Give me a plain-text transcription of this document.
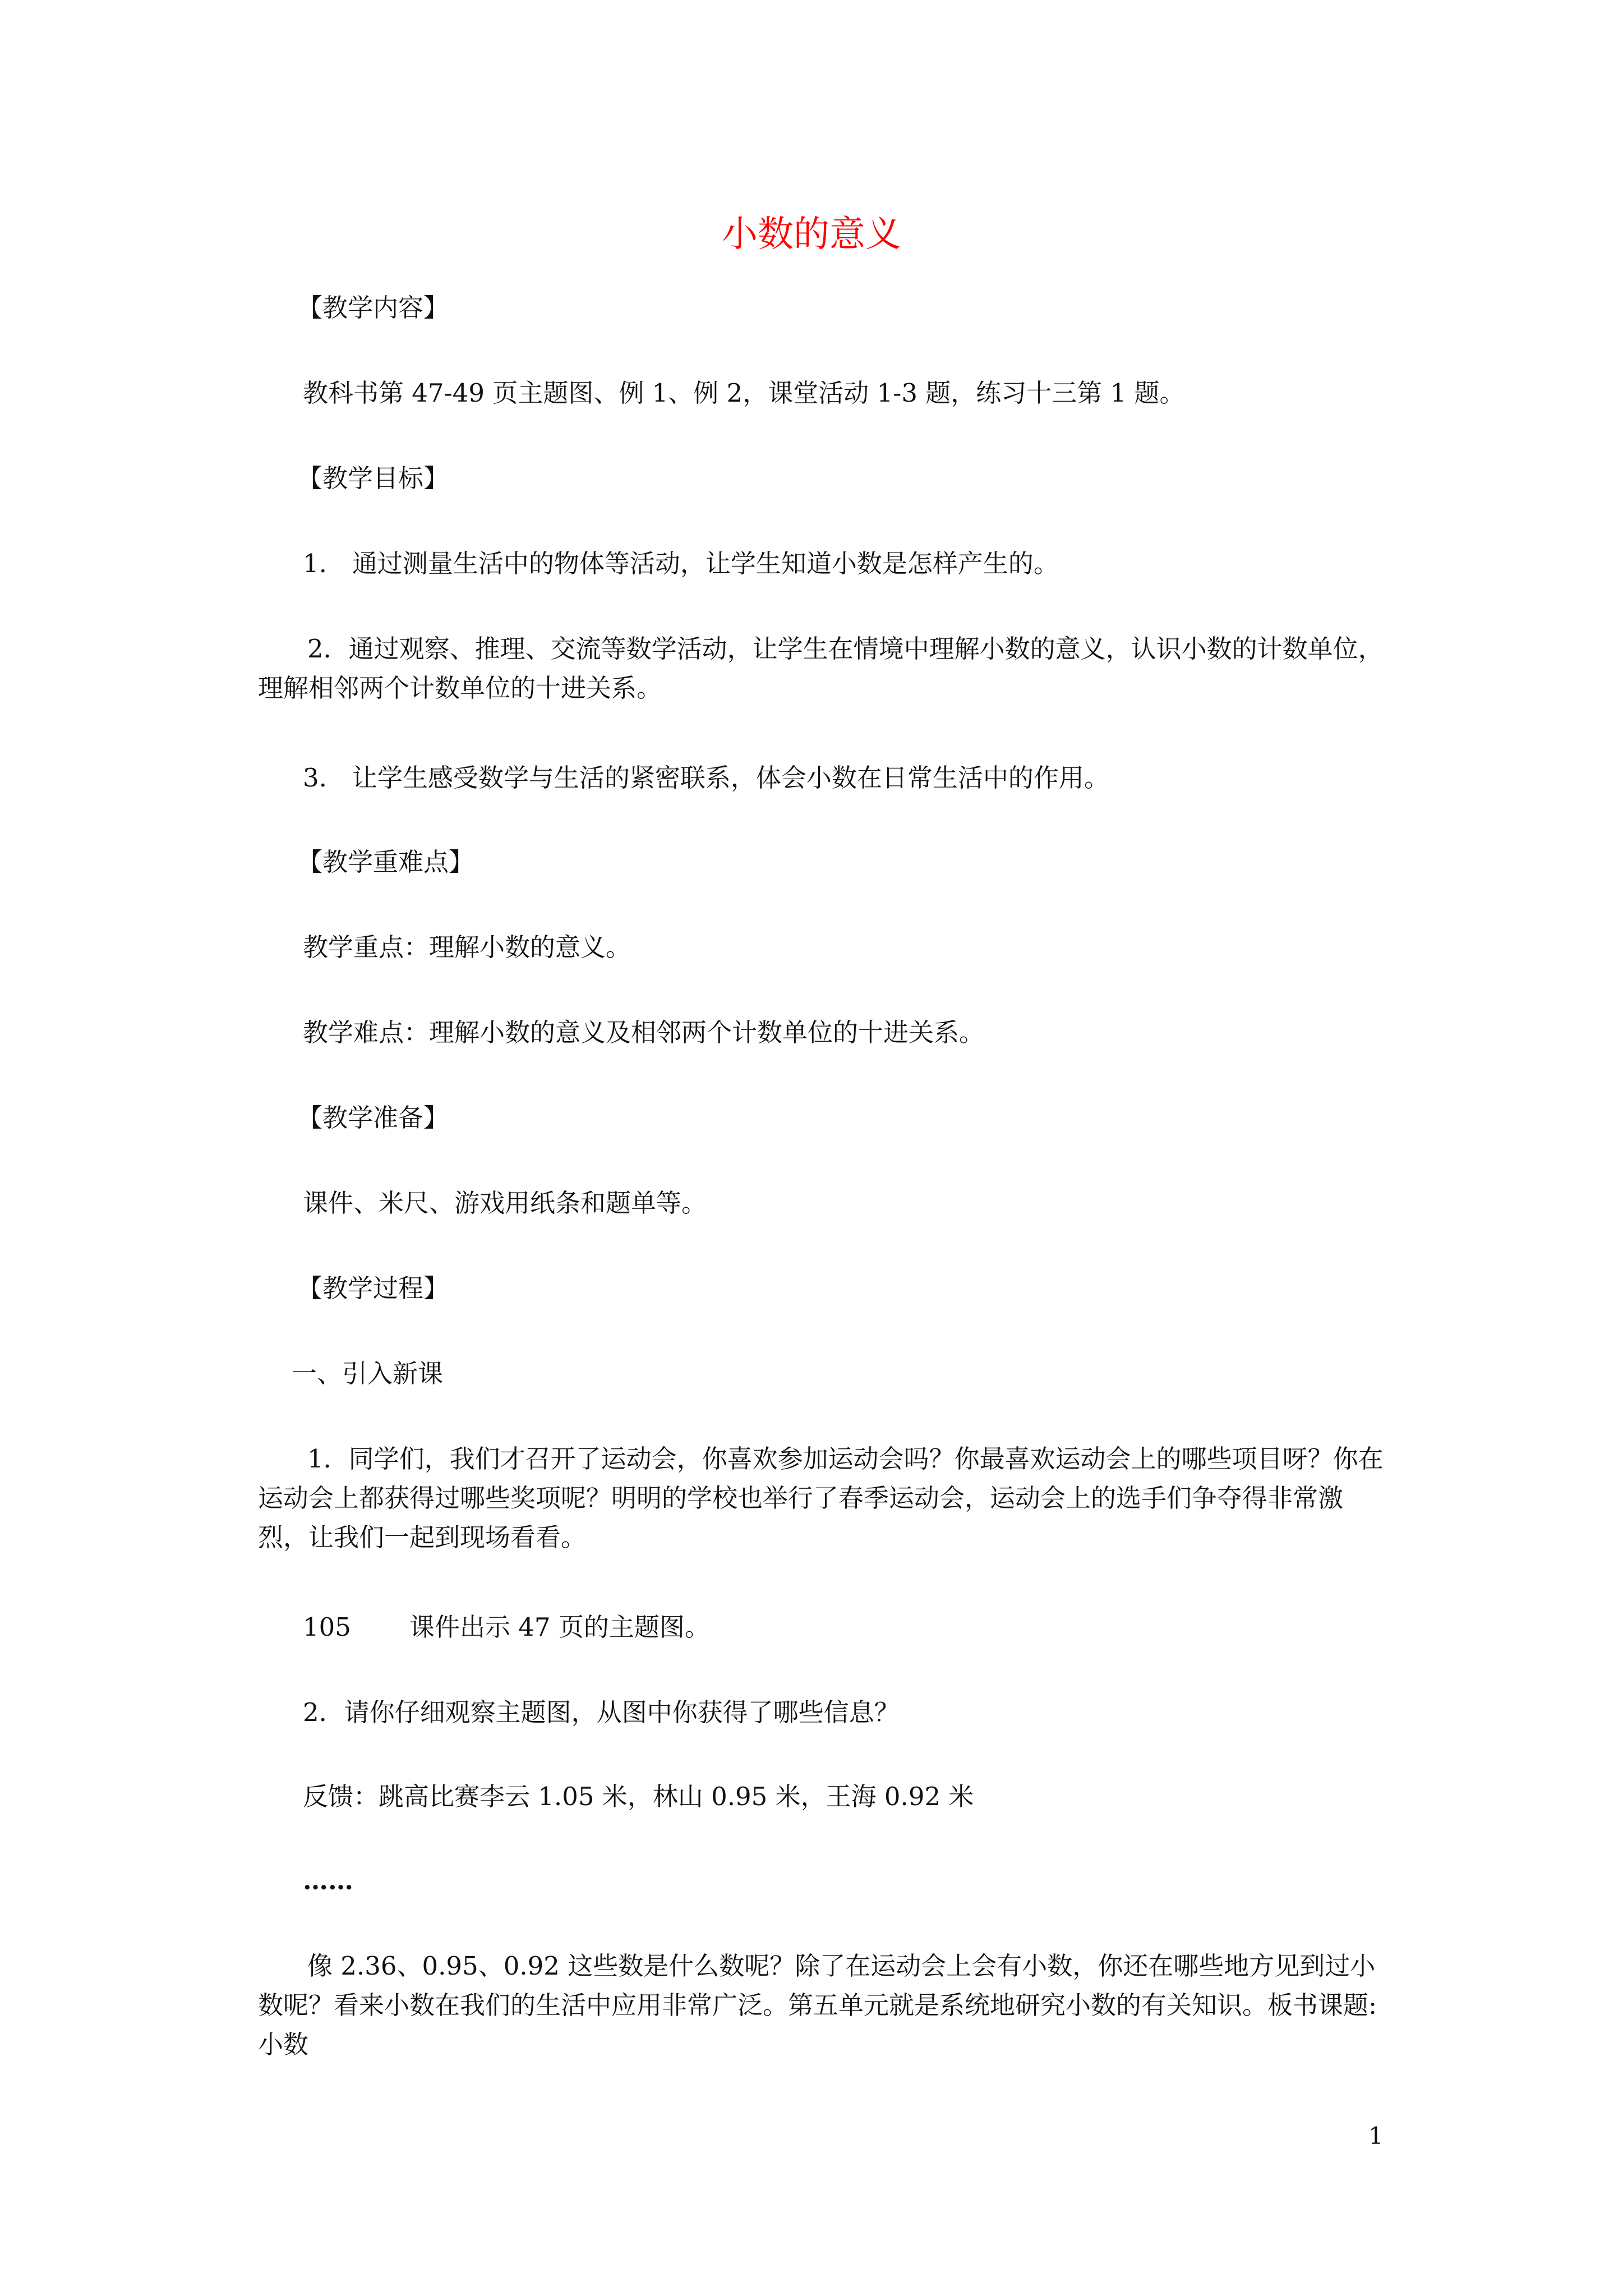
小数的意义

【教学内容】

教科书第 47-49 页主题图、例 1、例 2，课堂活动 1-3 题，练习十三第 1 题。

【教学目标】

1.　通过测量生活中的物体等活动，让学生知道小数是怎样产生的。

2．通过观察、推理、交流等数学活动，让学生在情境中理解小数的意义，认识小数的计数单位，理解相邻两个计数单位的十进关系。

3.　让学生感受数学与生活的紧密联系，体会小数在日常生活中的作用。

【教学重难点】

教学重点：理解小数的意义。

教学难点：理解小数的意义及相邻两个计数单位的十进关系。

【教学准备】

课件、米尺、游戏用纸条和题单等。

【教学过程】

一、引入新课

1．同学们，我们才召开了运动会，你喜欢参加运动会吗？你最喜欢运动会上的哪些项目呀？你在运动会上都获得过哪些奖项呢？明明的学校也举行了春季运动会，运动会上的选手们争夺得非常激烈，让我们一起到现场看看。

105 课件出示 47 页的主题图。

2．请你仔细观察主题图，从图中你获得了哪些信息？

反馈：跳高比赛李云 1.05 米，林山 0.95 米，王海 0.92 米

……

像 2.36、0.95、0.92 这些数是什么数呢？除了在运动会上会有小数，你还在哪些地方见到过小数呢？看来小数在我们的生活中应用非常广泛。第五单元就是系统地研究小数的有关知识。板书课题:小数

1
